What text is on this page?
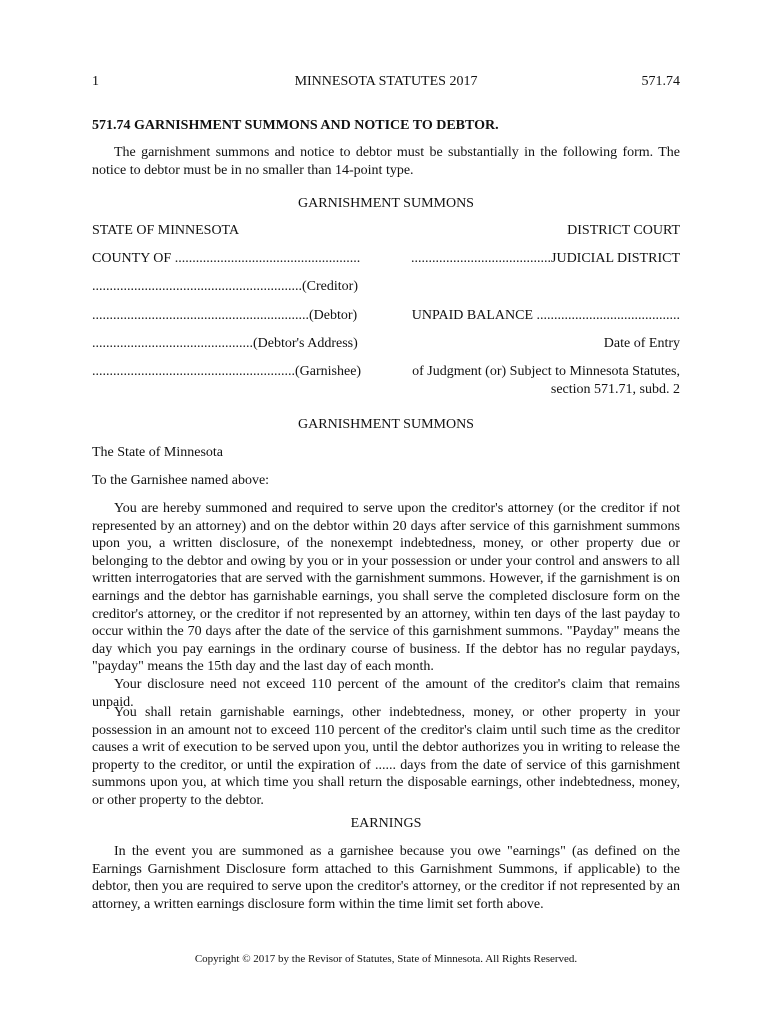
1	MINNESOTA STATUTES 2017	571.74
571.74 GARNISHMENT SUMMONS AND NOTICE TO DEBTOR.

The garnishment summons and notice to debtor must be substantially in the following form. The notice to debtor must be in no smaller than 14-point type.

GARNISHMENT SUMMONS
STATE OF MINNESOTA	DISTRICT COURT
COUNTY OF .....................................................	........................................JUDICIAL DISTRICT
............................................................(Creditor)
..............................................................(Debtor)	UNPAID BALANCE .........................................
..............................................(Debtor's Address)	Date of Entry
..........................................................(Garnishee)	of Judgment (or) Subject to Minnesota Statutes,
section 571.71, subd. 2
GARNISHMENT SUMMONS
The State of Minnesota
To the Garnishee named above:

You are hereby summoned and required to serve upon the creditor's attorney (or the creditor if not represented by an attorney) and on the debtor within 20 days after service of this garnishment summons upon you, a written disclosure, of the nonexempt indebtedness, money, or other property due or belonging to the debtor and owing by you or in your possession or under your control and answers to all written interrogatories that are served with the garnishment summons. However, if the garnishment is on earnings and the debtor has garnishable earnings, you shall serve the completed disclosure form on the creditor's attorney, or the creditor if not represented by an attorney, within ten days of the last payday to occur within the 70 days after the date of the service of this garnishment summons. "Payday" means the day which you pay earnings in the ordinary course of business. If the debtor has no regular paydays, "payday" means the 15th day and the last day of each month.

Your disclosure need not exceed 110 percent of the amount of the creditor's claim that remains unpaid.

You shall retain garnishable earnings, other indebtedness, money, or other property in your possession in an amount not to exceed 110 percent of the creditor's claim until such time as the creditor causes a writ of execution to be served upon you, until the debtor authorizes you in writing to release the property to the creditor, or until the expiration of ...... days from the date of service of this garnishment summons upon you, at which time you shall return the disposable earnings, other indebtedness, money, or other property to the debtor.

EARNINGS

In the event you are summoned as a garnishee because you owe "earnings" (as defined on the Earnings Garnishment Disclosure form attached to this Garnishment Summons, if applicable) to the debtor, then you are required to serve upon the creditor's attorney, or the creditor if not represented by an attorney, a written earnings disclosure form within the time limit set forth above.

Copyright © 2017 by the Revisor of Statutes, State of Minnesota. All Rights Reserved.
